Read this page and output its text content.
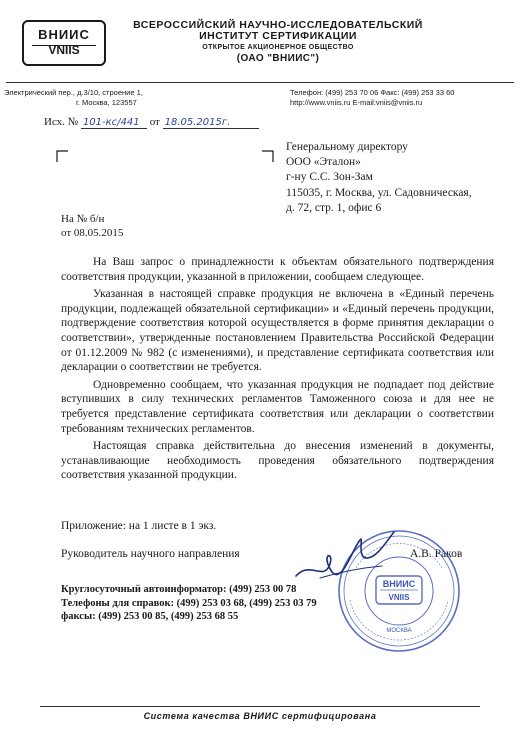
ВНИИС
VNIIS
ВСЕРОССИЙСКИЙ НАУЧНО-ИССЛЕДОВАТЕЛЬСКИЙ
ИНСТИТУТ СЕРТИФИКАЦИИ
ОТКРЫТОЕ АКЦИОНЕРНОЕ ОБЩЕСТВО
(ОАО "ВНИИС")
Электрический пер., д.3/10, строение 1,
г. Москва, 123557
Телефон: (499) 253 70 06 Факс: (499) 253 33 60
http://www.vniis.ru E-mail:vniis@vniis.ru
Исх. № 101-кс/441 от 18.05.2015г.
Генеральному директору
ООО «Эталон»
г-ну С.С. Зон-Зам
115035, г. Москва, ул. Садовническая,
д. 72, стр. 1, офис 6
На № б/н
от 08.05.2015

На Ваш запрос о принадлежности к объектам обязательного подтверждения соответствия продукции, указанной в приложении, сообщаем следующее.

Указанная в настоящей справке продукция не включена в «Единый перечень продукции, подлежащей обязательной сертификации» и «Единый перечень продукции, подтверждение соответствия которой осуществляется в форме принятия декларации о соответствии», утвержденные постановлением Правительства Российской Федерации от 01.12.2009 № 982 (с изменениями), и представление сертификата соответствия или декларации о соответствии не требуется.

Одновременно сообщаем, что указанная продукция не подпадает под действие вступивших в силу технических регламентов Таможенного союза и для нее не требуется представление сертификата соответствия или декларации о соответствии требованиям технических регламентов.

Настоящая справка действительна до внесения изменений в документы, устанавливающие необходимость проведения обязательного подтверждения соответствия указанной продукции.

Приложение: на 1 листе в 1 экз.
Руководитель научного направления	А.В. Раков
ВНИИС
VNIIS
МОСКВА
Круглосуточный автоинформатор: (499) 253 00 78
Телефоны для справок: (499) 253 03 68, (499) 253 03 79
факсы: (499) 253 00 85, (499) 253 68 55
Система качества ВНИИС сертифицирована
